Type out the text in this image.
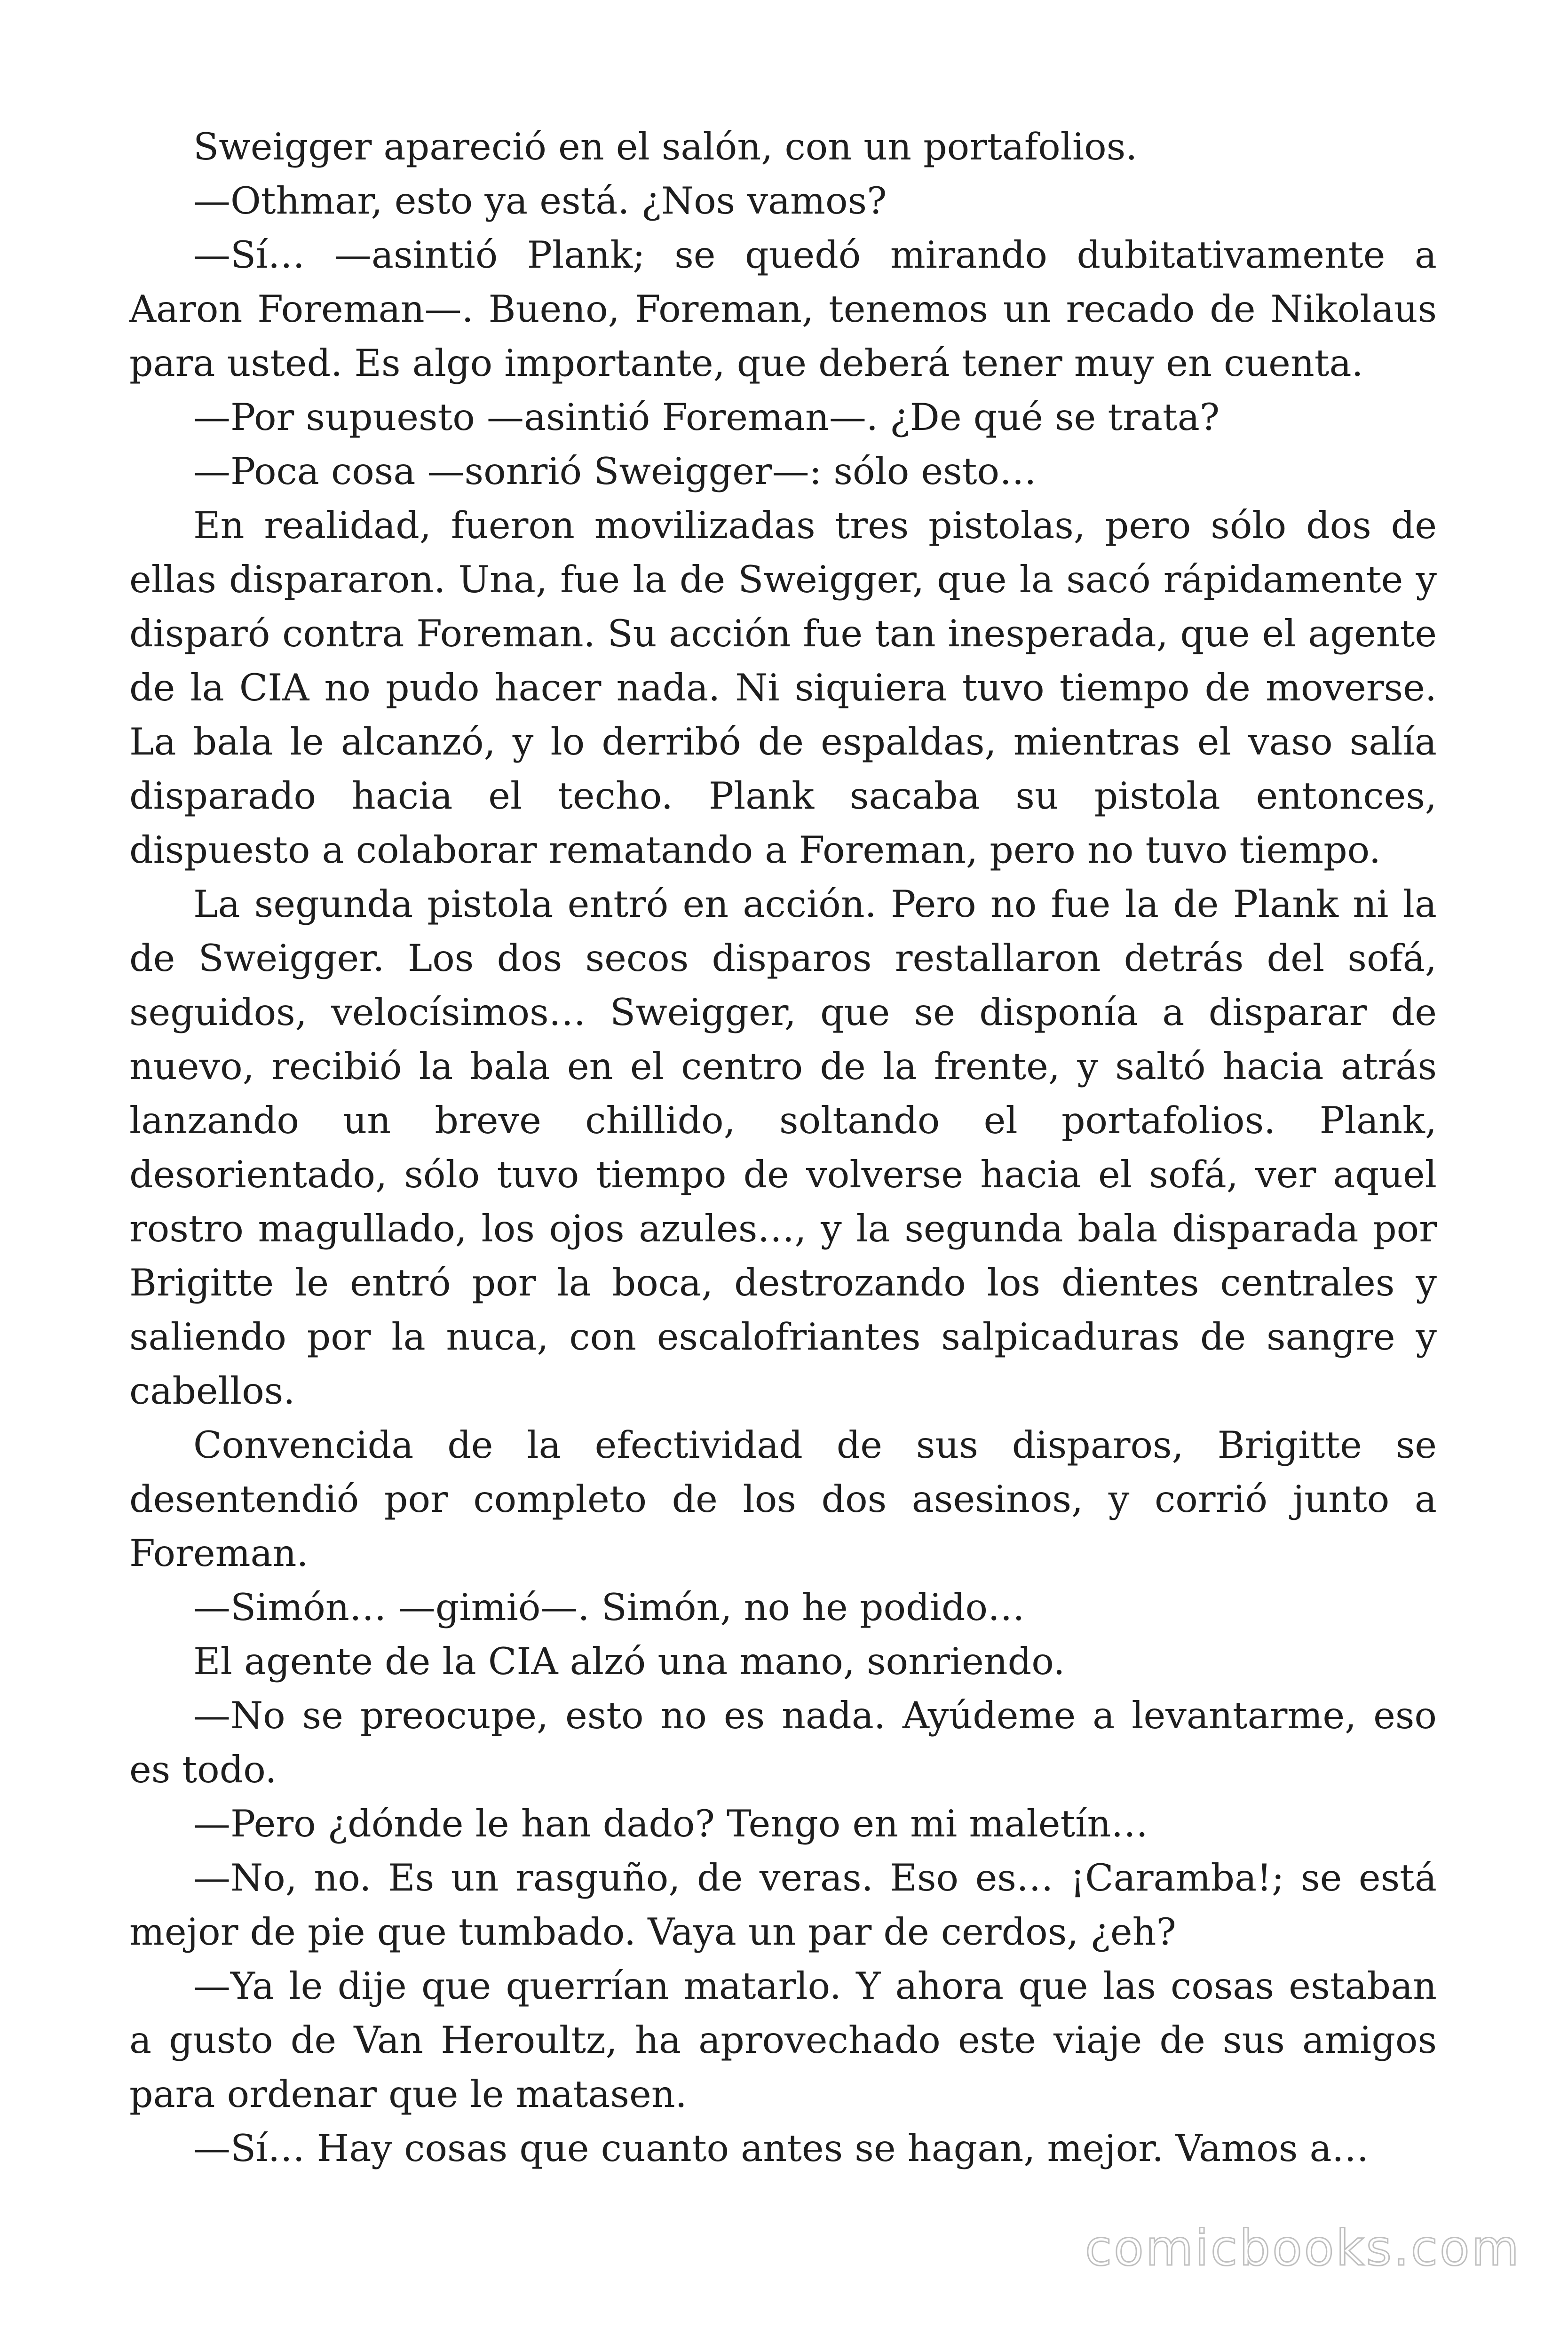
Sweigger apareció en el salón, con un portafolios.

—Othmar, esto ya está. ¿Nos vamos?

—Sí… —asintió Plank; se quedó mirando dubitativamente a Aaron Foreman—. Bueno, Foreman, tenemos un recado de Nikolaus para usted. Es algo importante, que deberá tener muy en cuenta.

—Por supuesto —asintió Foreman—. ¿De qué se trata?

—Poca cosa —sonrió Sweigger—: sólo esto…

En realidad, fueron movilizadas tres pistolas, pero sólo dos de ellas dispararon. Una, fue la de Sweigger, que la sacó rápidamente y disparó contra Foreman. Su acción fue tan inesperada, que el agente de la CIA no pudo hacer nada. Ni siquiera tuvo tiempo de moverse. La bala le alcanzó, y lo derribó de espaldas, mientras el vaso salía disparado hacia el techo. Plank sacaba su pistola entonces, dispuesto a colaborar rematando a Foreman, pero no tuvo tiempo.

La segunda pistola entró en acción. Pero no fue la de Plank ni la de Sweigger. Los dos secos disparos restallaron detrás del sofá, seguidos, velocísimos… Sweigger, que se disponía a disparar de nuevo, recibió la bala en el centro de la frente, y saltó hacia atrás lanzando un breve chillido, soltando el portafolios. Plank, desorientado, sólo tuvo tiempo de volverse hacia el sofá, ver aquel rostro magullado, los ojos azules…, y la segunda bala disparada por Brigitte le entró por la boca, destrozando los dientes centrales y saliendo por la nuca, con escalofriantes salpicaduras de sangre y cabellos.

Convencida de la efectividad de sus disparos, Brigitte se desentendió por completo de los dos asesinos, y corrió junto a Foreman.

—Simón… —gimió—. Simón, no he podido…

El agente de la CIA alzó una mano, sonriendo.

—No se preocupe, esto no es nada. Ayúdeme a levantarme, eso es todo.

—Pero ¿dónde le han dado? Tengo en mi maletín…

—No, no. Es un rasguño, de veras. Eso es… ¡Caramba!; se está mejor de pie que tumbado. Vaya un par de cerdos, ¿eh?

—Ya le dije que querrían matarlo. Y ahora que las cosas estaban a gusto de Van Heroultz, ha aprovechado este viaje de sus amigos para ordenar que le matasen.

—Sí… Hay cosas que cuanto antes se hagan, mejor. Vamos a…

comicbooks.com
